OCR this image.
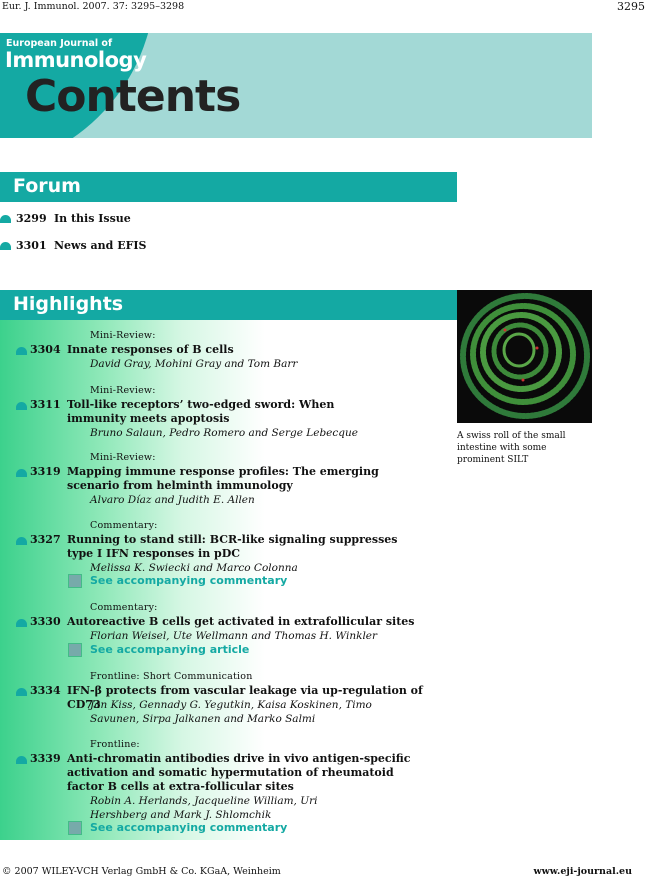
Eur. J. Immunol. 2007. 37: 3295–3298	3295
European Journal of
Immunology
Contents
Forum
3299 In this Issue
3301 News and EFIS
Highlights
Mini-Review:
3304 Innate responses of B cells
David Gray, Mohini Gray and Tom Barr
Mini-Review:
3311 Toll-like receptors’ two-edged sword: When immunity meets apoptosis
Bruno Salaun, Pedro Romero and Serge Lebecque
Mini-Review:
3319 Mapping immune response profiles: The emerging scenario from helminth immunology
Alvaro Díaz and Judith E. Allen
Commentary:
3327 Running to stand still: BCR-like signaling suppresses type I IFN responses in pDC
Melissa K. Swiecki and Marco Colonna
See accompanying commentary
Commentary:
3330 Autoreactive B cells get activated in extrafollicular sites
Florian Weisel, Ute Wellmann and Thomas H. Winkler
See accompanying article
Frontline: Short Communication
3334 IFN-β protects from vascular leakage via up-regulation of CD73
Jan Kiss, Gennady G. Yegutkin, Kaisa Koskinen, Timo Savunen, Sirpa Jalkanen and Marko Salmi
Frontline:
3339 Anti-chromatin antibodies drive in vivo antigen-specific activation and somatic hypermutation of rheumatoid factor B cells at extra-follicular sites
Robin A. Herlands, Jacqueline William, Uri Hershberg and Mark J. Shlomchik
See accompanying commentary
A swiss roll of the small intestine with some prominent SILT
© 2007 WILEY-VCH Verlag GmbH & Co. KGaA, Weinheim	www.eji-journal.eu
